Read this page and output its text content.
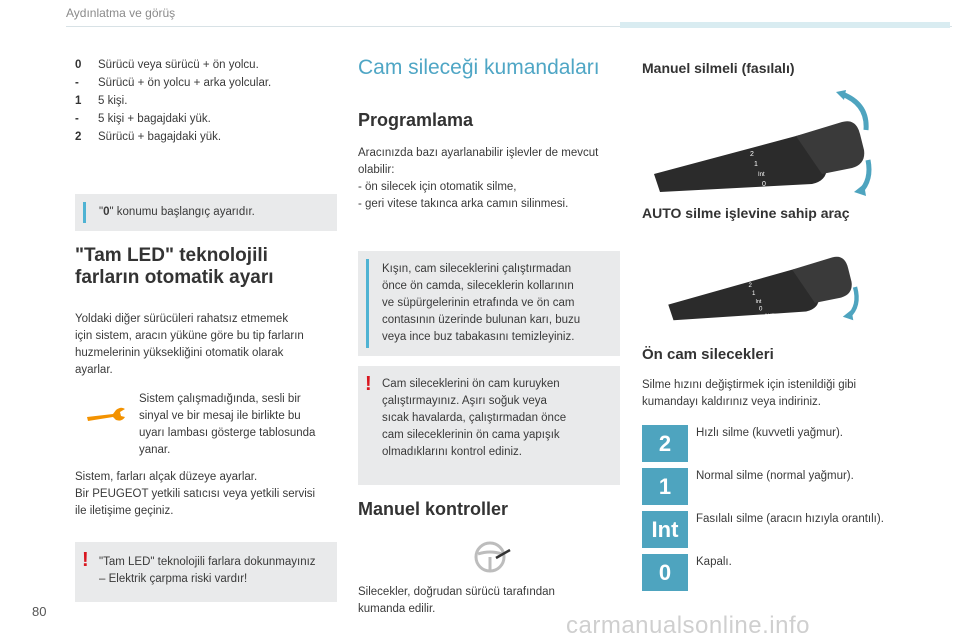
Aydınlatma ve görüş
0	Sürücü veya sürücü + ön yolcu.
-	Sürücü + ön yolcu + arka yolcular.
1	5 kişi.
-	5 kişi + bagajdaki yük.
2	Sürücü + bagajdaki yük.
"0" konumu başlangıç ayarıdır.
"Tam LED" teknolojili
farların otomatik ayarı
Yoldaki diğer sürücüleri rahatsız etmemek
için sistem, aracın yüküne göre bu tip farların
huzmelerinin yüksekliğini otomatik olarak
ayarlar.
Sistem çalışmadığında, sesli bir
sinyal ve bir mesaj ile birlikte bu
uyarı lambası gösterge tablosunda
yanar.
Sistem, farları alçak düzeye ayarlar.
Bir PEUGEOT yetkili satıcısı veya yetkili servisi
ile iletişime geçiniz.
! "Tam LED" teknolojili farlara dokunmayınız
– Elektrik çarpma riski vardır!
Cam sileceği kumandaları
Programlama
Aracınızda bazı ayarlanabilir işlevler de mevcut
olabilir:
- ön silecek için otomatik silme,
- geri vitese takınca arka camın silinmesi.
Kışın, cam sileceklerini çalıştırmadan
önce ön camda, sileceklerin kollarının
ve süpürgelerinin etrafında ve ön cam
contasının üzerinde bulunan karı, buzu
veya ince buz tabakasını temizleyiniz.
! Cam sileceklerini ön cam kuruyken
çalıştırmayınız. Aşırı soğuk veya
sıcak havalarda, çalıştırmadan önce
cam sileceklerinin ön cama yapışık
olmadıklarını kontrol ediniz.
Manuel kontroller
Silecekler, doğrudan sürücü tarafından
kumanda edilir.
Manuel silmeli (fasılalı)
2
1
Int
0
AUTO silme işlevine sahip araç
2
1
Int
0
AUTO
Ön cam silecekleri
Silme hızını değiştirmek için istenildiği gibi
kumandayı kaldırınız veya indiriniz.
2	Hızlı silme (kuvvetli yağmur).
1	Normal silme (normal yağmur).
Int	Fasılalı silme (aracın hızıyla orantılı).
0	Kapalı.
80
carmanualsonline.info
